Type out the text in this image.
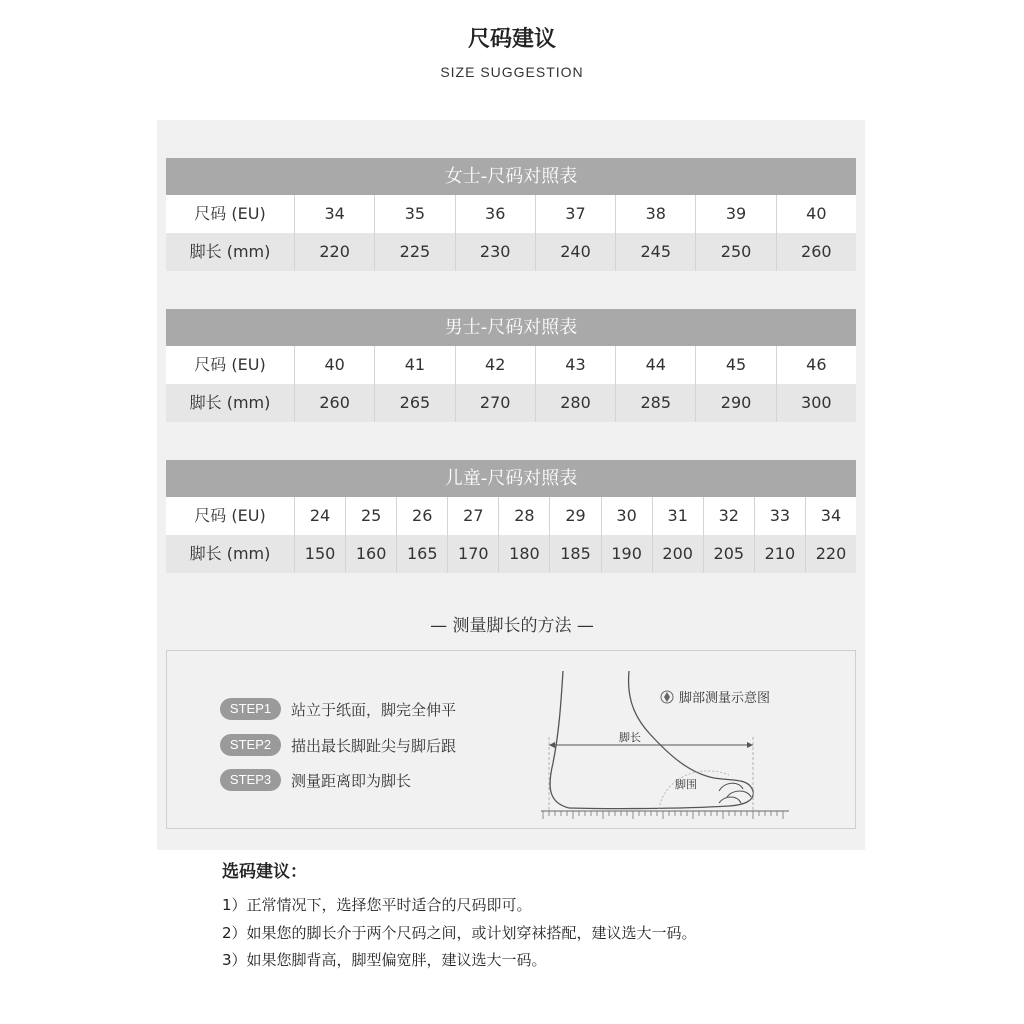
尺码建议
SIZE SUGGESTION
女士-尺码对照表
尺码 (EU)	34	35	36	37	38	39	40
脚长 (mm)	220	225	230	240	245	250	260
男士-尺码对照表
尺码 (EU)	40	41	42	43	44	45	46
脚长 (mm)	260	265	270	280	285	290	300
儿童-尺码对照表
尺码 (EU)	24	25	26	27	28	29	30	31	32	33	34
脚长 (mm)	150	160	165	170	180	185	190	200	205	210	220
— 测量脚长的方法 —
STEP1	站立于纸面，脚完全伸平
STEP2	描出最长脚趾尖与脚后跟
STEP3	测量距离即为脚长
脚部测量示意图
脚长
脚围
选码建议：
1）正常情况下，选择您平时适合的尺码即可。
2）如果您的脚长介于两个尺码之间，或计划穿袜搭配，建议选大一码。
3）如果您脚背高，脚型偏宽胖，建议选大一码。
